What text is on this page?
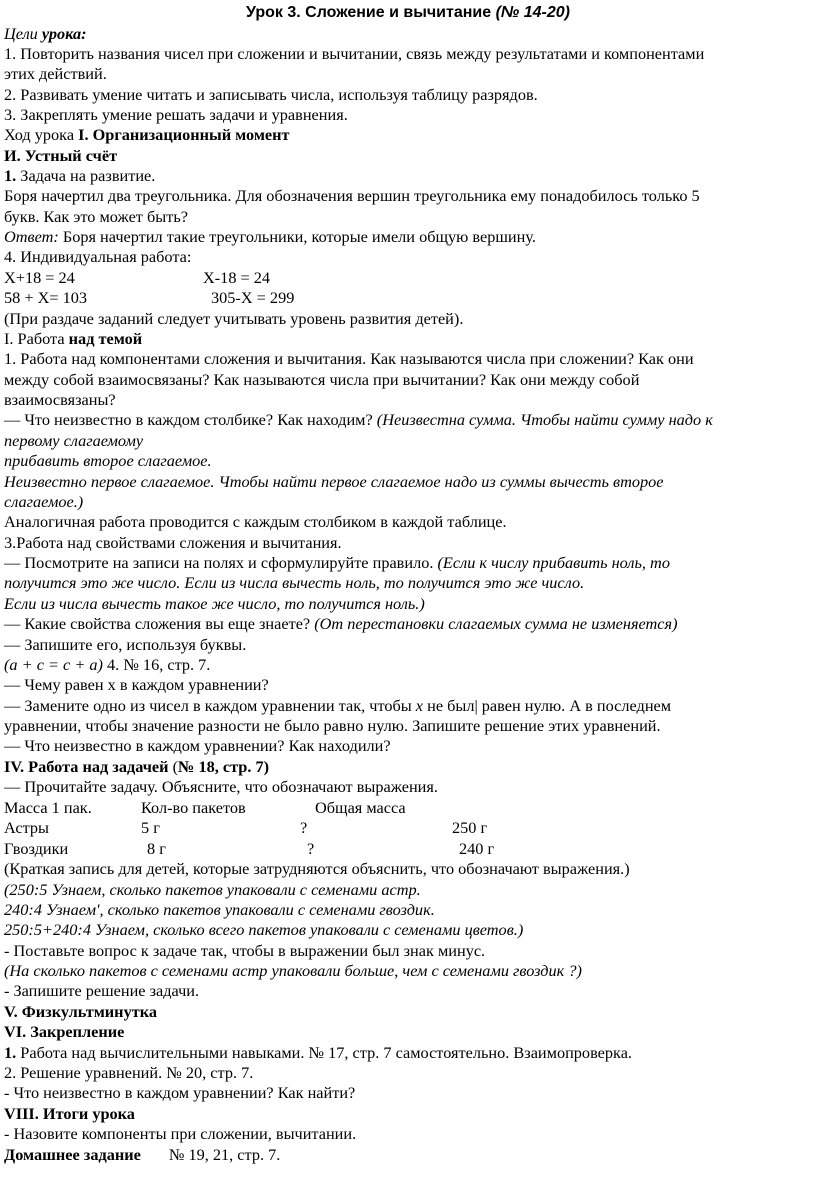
Урок 3. Сложение и вычитание (№ 14-20)
Цели урока:
1. Повторить названия чисел при сложении и вычитании, связь между результатами и компонентами
этих действий.
2. Развивать умение читать и записывать числа, используя таблицу разрядов.
3. Закреплять умение решать задачи и уравнения.
Ход урока I. Организационный момент
И. Устный счёт
1. Задача на развитие.
Боря начертил два треугольника. Для обозначения вершин треугольника ему понадобилось только 5
букв. Как это может быть?
Ответ: Боря начертил такие треугольники, которые имели общую вершину.
4. Индивидуальная работа:
Х+18 = 24	Х-18 = 24
58 + Х= 103	305-Х = 299
(При раздаче заданий следует учитывать уровень развития детей).
I. Работа над темой
1. Работа над компонентами сложения и вычитания. Как называются числа при сложении? Как они
между собой взаимосвязаны? Как называются числа при вычитании? Как они между собой
взаимосвязаны?
— Что неизвестно в каждом столбике? Как находим? (Неизвестна сумма. Чтобы найти сумму надо к
первому слагаемому
прибавить второе слагаемое.
Неизвестно первое слагаемое. Чтобы найти первое слагаемое надо из суммы вычесть второе
слагаемое.)
Аналогичная работа проводится с каждым столбиком в каждой таблице.
3.Работа над свойствами сложения и вычитания.
— Посмотрите на записи на полях и сформулируйте правило. (Если к числу прибавить ноль, то
получится это же число. Если из числа вычесть ноль, то получится это же число.
Если из числа вычесть такое же число, то получится ноль.)
— Какие свойства сложения вы еще знаете? (От перестановки слагаемых сумма не изменяется)
— Запишите его, используя буквы.
(а + с = с + а) 4. № 16, стр. 7.
— Чему равен х в каждом уравнении?
— Замените одно из чисел в каждом уравнении так, чтобы х не был| равен нулю. А в последнем
уравнении, чтобы значение разности не было равно нулю. Запишите решение этих уравнений.
— Что неизвестно в каждом уравнении? Как находили?
IV. Работа над задачей (№ 18, стр. 7)
— Прочитайте задачу. Объясните, что обозначают выражения.
Масса 1 пак.	Кол-во пакетов	Общая масса
Астры	5 г	?	250 г
Гвоздики	8 г	?	240 г
(Краткая запись для детей, которые затрудняются объяснить, что обозначают выражения.)
(250:5 Узнаем, сколько пакетов упаковали с семенами астр.
240:4 Узнаем', сколько пакетов упаковали с семенами гвоздик.
250:5+240:4 Узнаем, сколько всего пакетов упаковали с семенами цветов.)
- Поставьте вопрос к задаче так, чтобы в выражении был знак минус.
(На сколько пакетов с семенами астр упаковали больше, чем с семенами гвоздик ?)
- Запишите решение задачи.
V. Физкультминутка
VI. Закрепление
1. Работа над вычислительными навыками. № 17, стр. 7 самостоятельно. Взаимопроверка.
2. Решение уравнений. № 20, стр. 7.
- Что неизвестно в каждом уравнении? Как найти?
VIII. Итоги урока
- Назовите компоненты при сложении, вычитании.
Домашнее задание № 19, 21, стр. 7.
